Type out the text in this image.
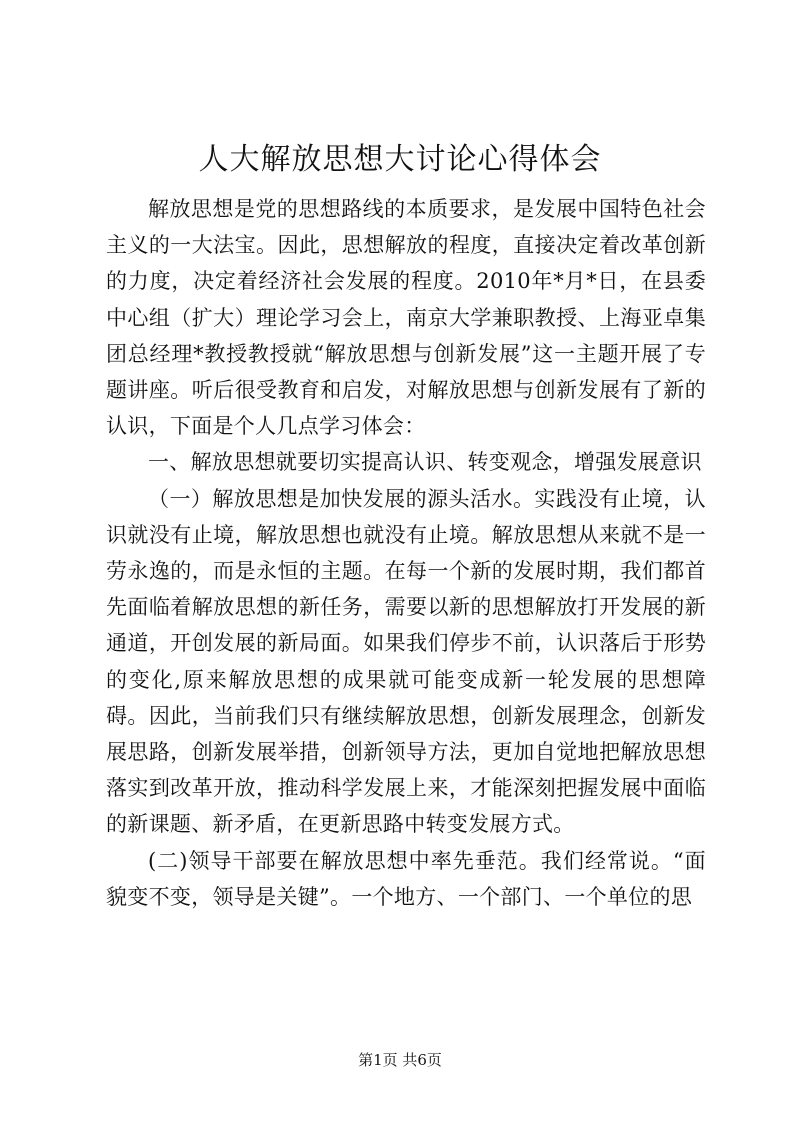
人大解放思想大讨论心得体会

解放思想是党的思想路线的本质要求，是发展中国特色社会主义的一大法宝。因此，思想解放的程度，直接决定着改革创新的力度，决定着经济社会发展的程度。2010年*月*日，在县委中心组（扩大）理论学习会上，南京大学兼职教授、上海亚卓集团总经理*教授教授就“解放思想与创新发展”这一主题开展了专题讲座。听后很受教育和启发，对解放思想与创新发展有了新的认识，下面是个人几点学习体会：

一、解放思想就要切实提高认识、转变观念，增强发展意识

（一）解放思想是加快发展的源头活水。实践没有止境，认识就没有止境，解放思想也就没有止境。解放思想从来就不是一劳永逸的，而是永恒的主题。在每一个新的发展时期，我们都首先面临着解放思想的新任务，需要以新的思想解放打开发展的新通道，开创发展的新局面。如果我们停步不前，认识落后于形势的变化,原来解放思想的成果就可能变成新一轮发展的思想障碍。因此，当前我们只有继续解放思想，创新发展理念，创新发展思路，创新发展举措，创新领导方法，更加自觉地把解放思想落实到改革开放，推动科学发展上来，才能深刻把握发展中面临的新课题、新矛盾，在更新思路中转变发展方式。

(二)领导干部要在解放思想中率先垂范。我们经常说。“面貌变不变，领导是关键”。一个地方、一个部门、一个单位的思

第1页 共6页
